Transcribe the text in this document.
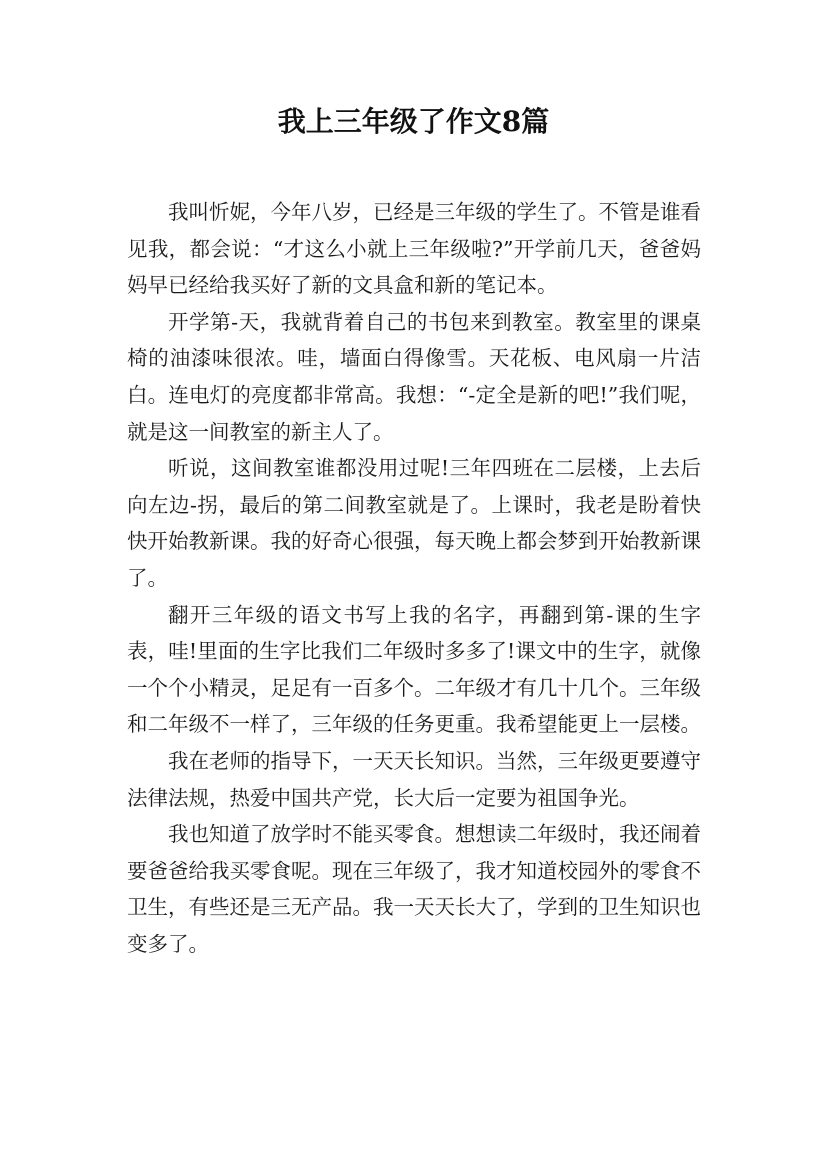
我上三年级了作文8篇

我叫忻妮，今年八岁，已经是三年级的学生了。不管是谁看见我，都会说：“才这么小就上三年级啦?”开学前几天，爸爸妈妈早已经给我买好了新的文具盒和新的笔记本。

开学第-天，我就背着自己的书包来到教室。教室里的课桌椅的油漆味很浓。哇，墙面白得像雪。天花板、电风扇一片洁白。连电灯的亮度都非常高。我想：“-定全是新的吧!”我们呢，就是这一间教室的新主人了。

听说，这间教室谁都没用过呢!三年四班在二层楼，上去后向左边-拐，最后的第二间教室就是了。上课时，我老是盼着快快开始教新课。我的好奇心很强，每天晚上都会梦到开始教新课了。

翻开三年级的语文书写上我的名字，再翻到第-课的生字表，哇!里面的生字比我们二年级时多多了!课文中的生字，就像一个个小精灵，足足有一百多个。二年级才有几十几个。三年级和二年级不一样了，三年级的任务更重。我希望能更上一层楼。

我在老师的指导下，一天天长知识。当然，三年级更要遵守法律法规，热爱中国共产党，长大后一定要为祖国争光。

我也知道了放学时不能买零食。想想读二年级时，我还闹着要爸爸给我买零食呢。现在三年级了，我才知道校园外的零食不卫生，有些还是三无产品。我一天天长大了，学到的卫生知识也变多了。
